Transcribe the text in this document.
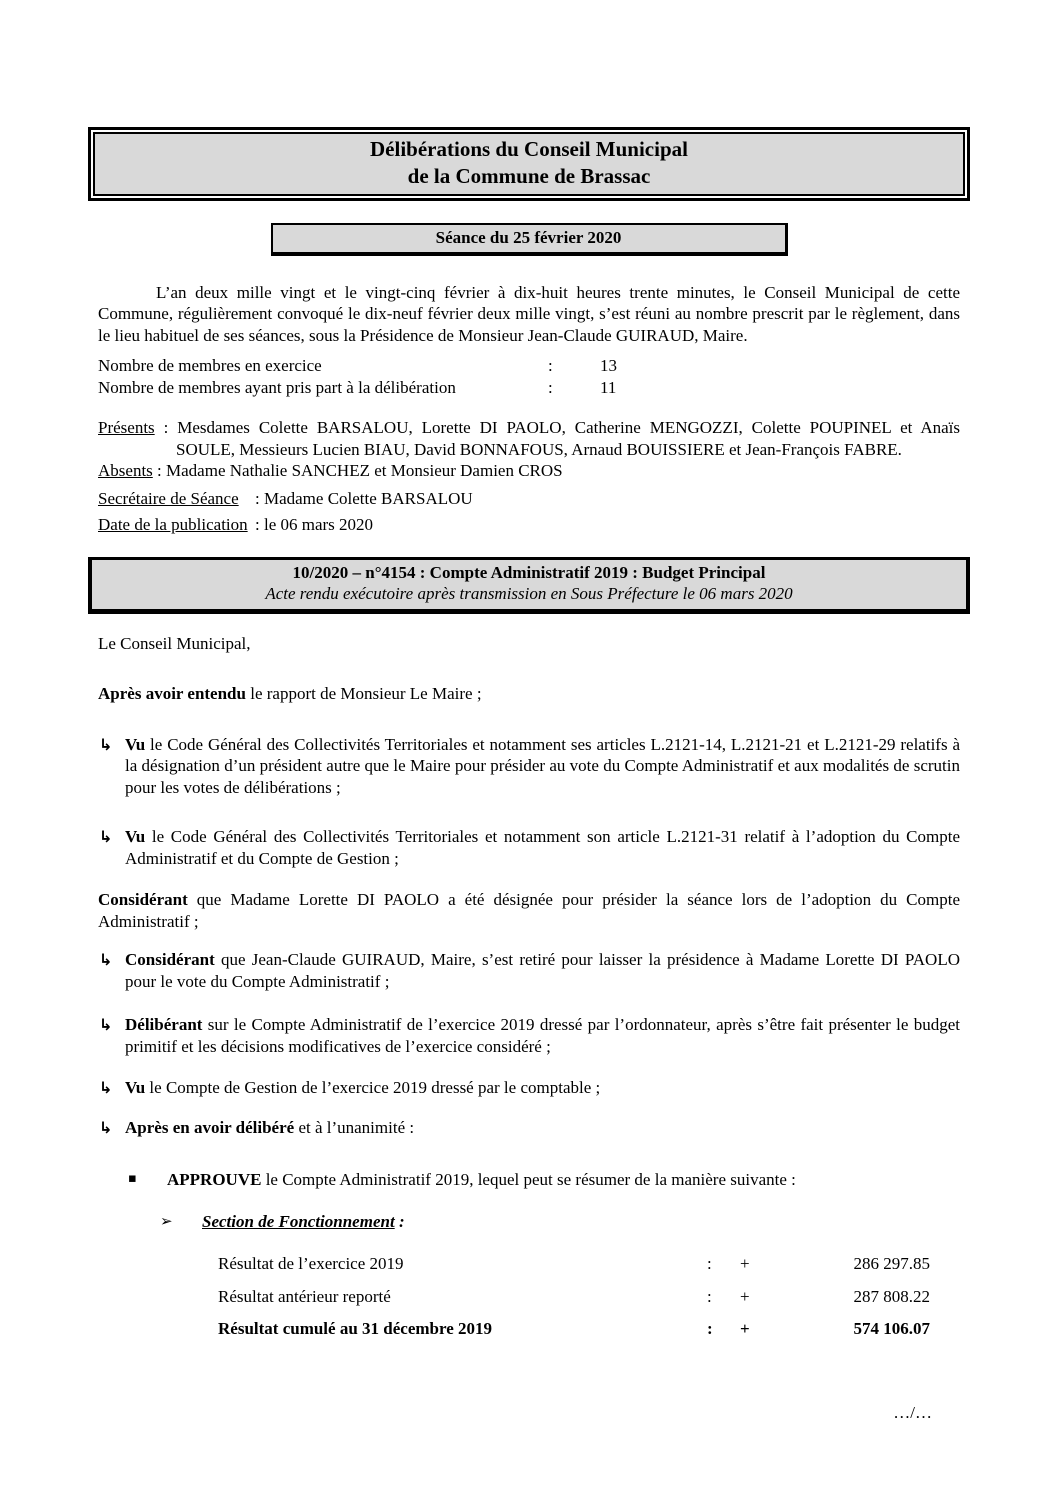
Délibérations du Conseil Municipal
de la Commune de Brassac
Séance du 25 février 2020

L’an deux mille vingt et le vingt-cinq février à dix-huit heures trente minutes, le Conseil Municipal de cette Commune, régulièrement convoqué le dix-neuf février deux mille vingt, s’est réuni au nombre prescrit par le règlement, dans le lieu habituel de ses séances, sous la Présidence de Monsieur Jean-Claude GUIRAUD, Maire.

Nombre de membres en exercice	:	13
Nombre de membres ayant pris part à la délibération	:	11

Présents : Mesdames Colette BARSALOU, Lorette DI PAOLO, Catherine MENGOZZI, Colette POUPINEL et Anaïs SOULE, Messieurs Lucien BIAU, David BONNAFOUS, Arnaud BOUISSIERE et Jean-François FABRE.

Absents : Madame Nathalie SANCHEZ et Monsieur Damien CROS

Secrétaire de Séance : Madame Colette BARSALOU
Date de la publication : le 06 mars 2020
10/2020 – n°4154 : Compte Administratif 2019 : Budget Principal
Acte rendu exécutoire après transmission en Sous Préfecture le 06 mars 2020

Le Conseil Municipal,

Après avoir entendu le rapport de Monsieur Le Maire ;

↳ Vu le Code Général des Collectivités Territoriales et notamment ses articles L.2121-14, L.2121-21 et L.2121-29 relatifs à la désignation d’un président autre que le Maire pour présider au vote du Compte Administratif et aux modalités de scrutin pour les votes de délibérations ;

↳ Vu le Code Général des Collectivités Territoriales et notamment son article L.2121-31 relatif à l’adoption du Compte Administratif et du Compte de Gestion ;

Considérant que Madame Lorette DI PAOLO a été désignée pour présider la séance lors de l’adoption du Compte Administratif ;

↳ Considérant que Jean-Claude GUIRAUD, Maire, s’est retiré pour laisser la présidence à Madame Lorette DI PAOLO pour le vote du Compte Administratif ;

↳ Délibérant sur le Compte Administratif de l’exercice 2019 dressé par l’ordonnateur, après s’être fait présenter le budget primitif et les décisions modificatives de l’exercice considéré ;

↳ Vu le Compte de Gestion de l’exercice 2019 dressé par le comptable ;

↳ Après en avoir délibéré et à l’unanimité :

▪ APPROUVE le Compte Administratif 2019, lequel peut se résumer de la manière suivante :

➢ Section de Fonctionnement :

Résultat de l’exercice 2019	:	+	286 297.85
Résultat antérieur reporté	:	+	287 808.22
Résultat cumulé au 31 décembre 2019	:	+	574 106.07
…/…
